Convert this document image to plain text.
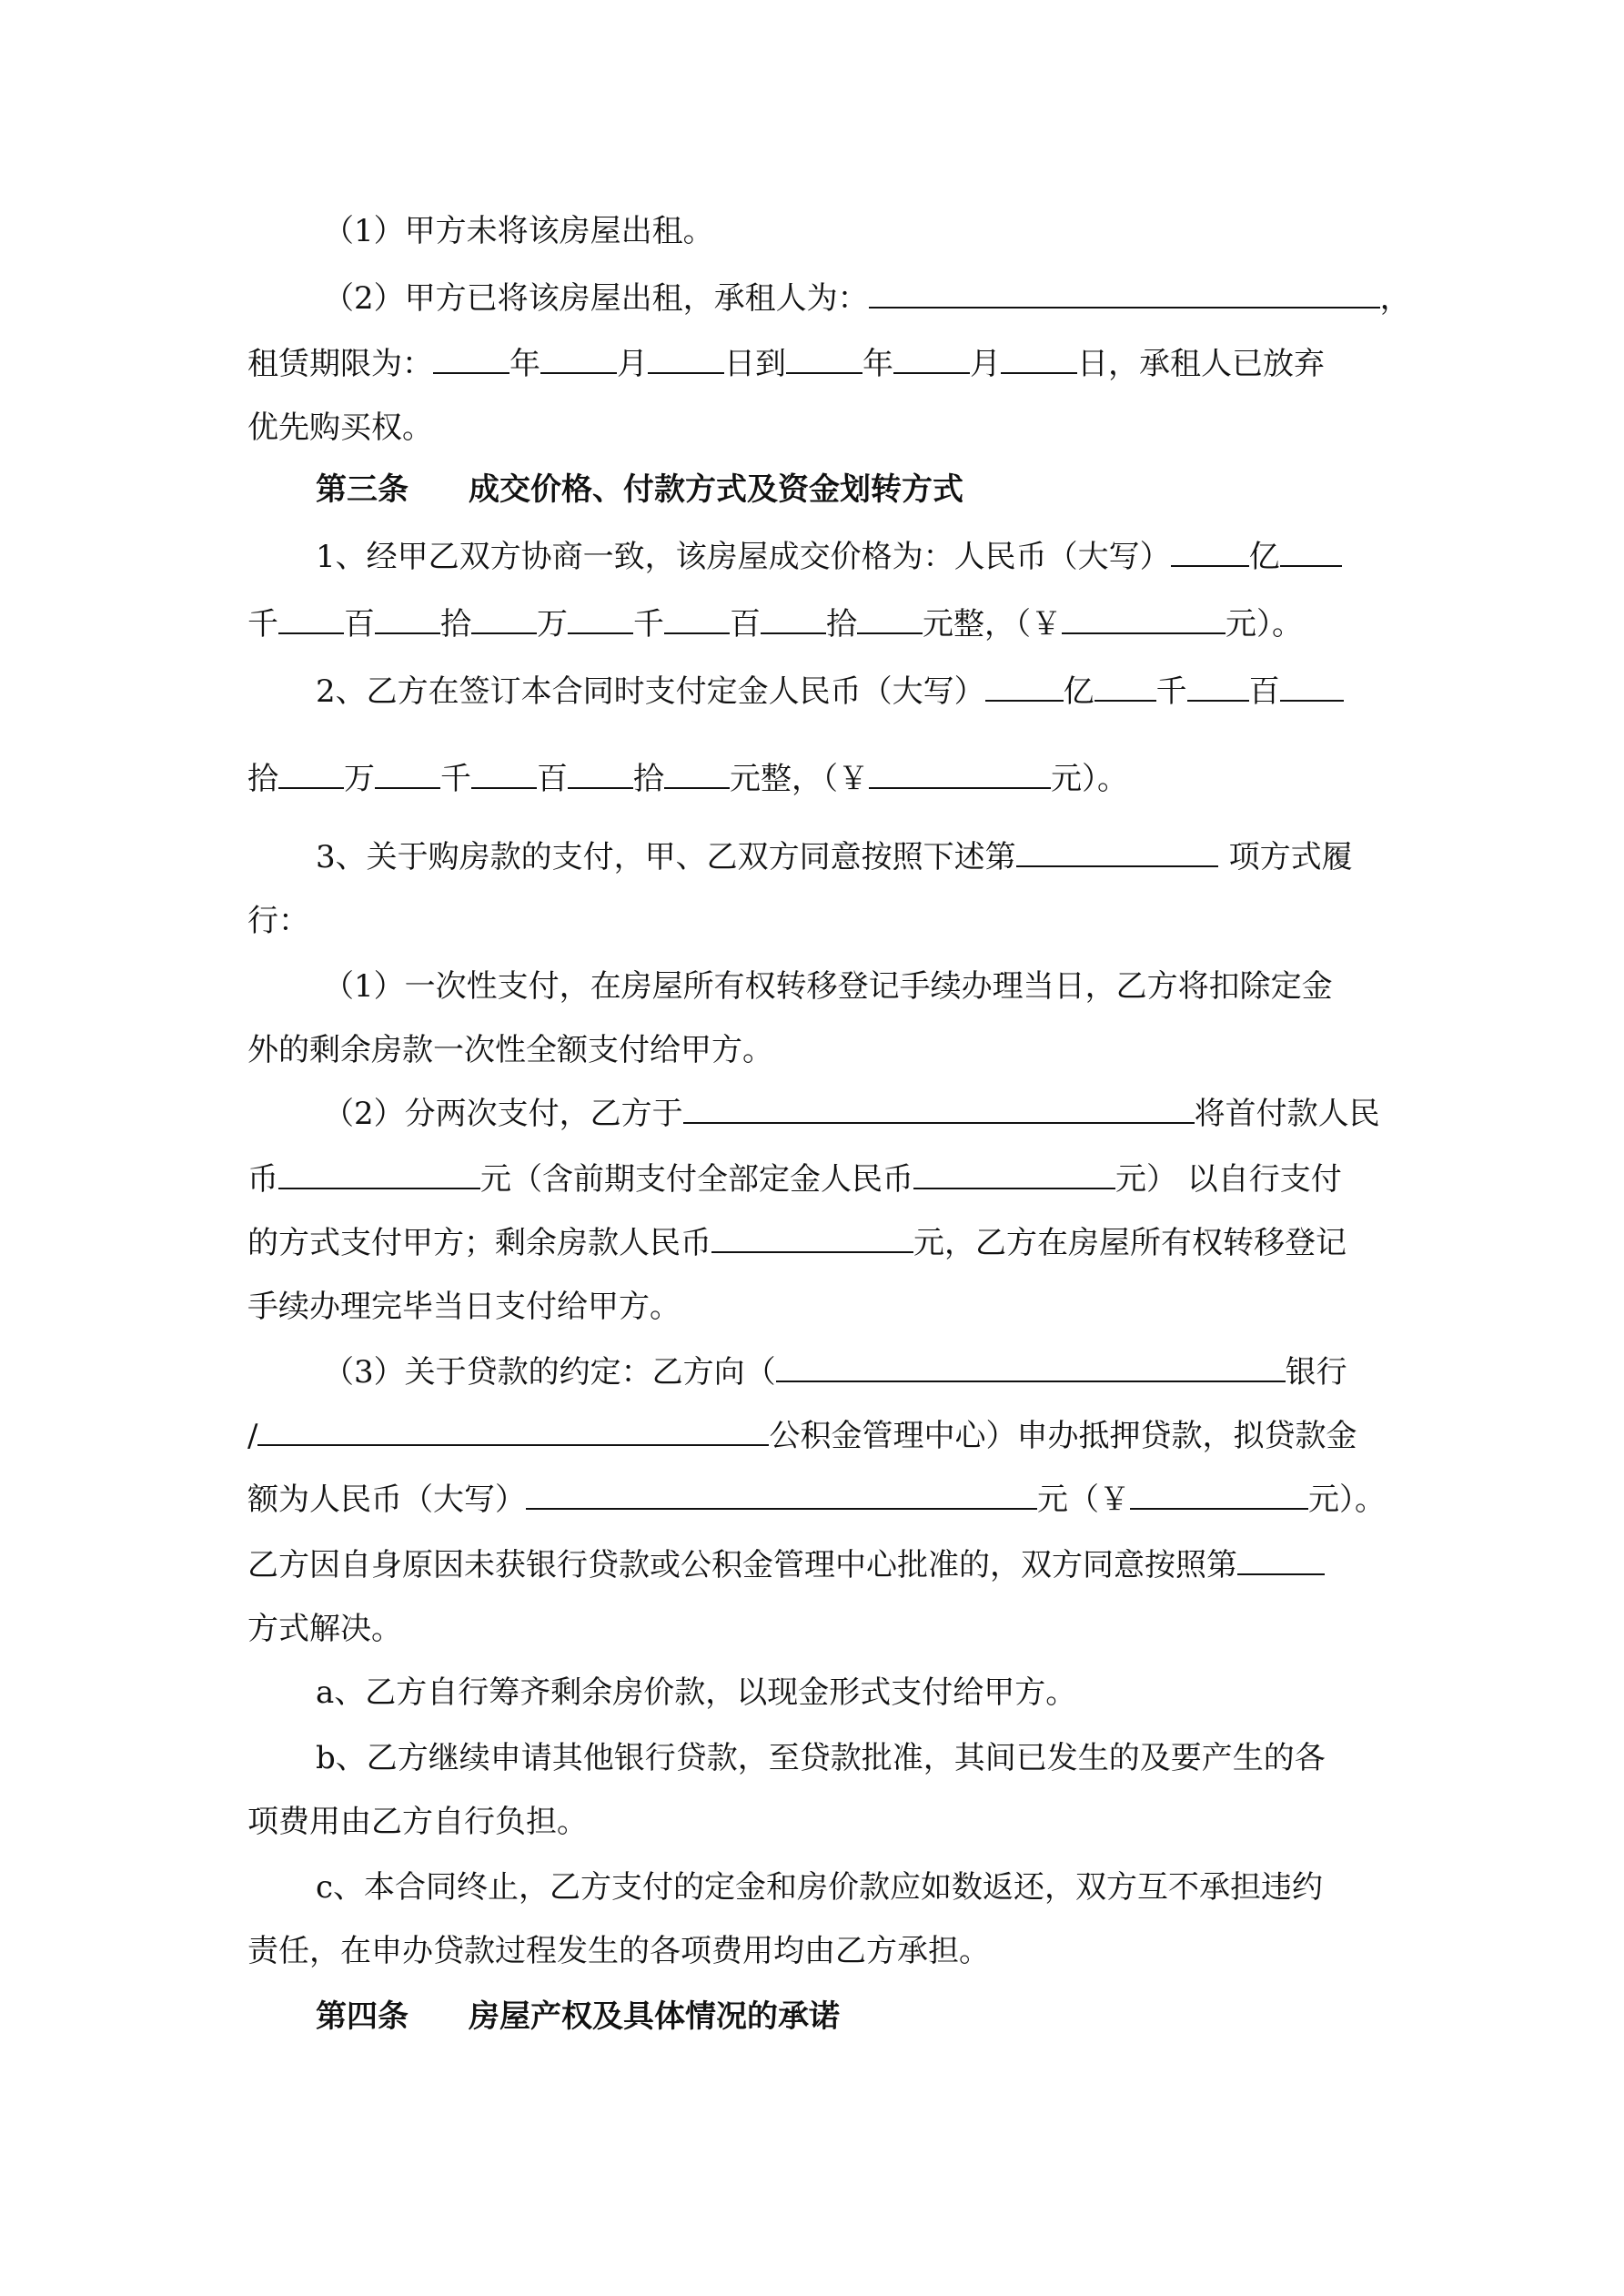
（1）甲方未将该房屋出租。
（2）甲方已将该房屋出租，承租人为：	，
租赁期限为： 年 月 日到 年 月 日，承租人已放弃
优先购买权。
第三条 成交价格、付款方式及资金划转方式
1、经甲乙双方协商一致，该房屋成交价格为：人民币（大写）	亿
千 百 拾 万 千 百 拾 元整，（￥	元）。
2、乙方在签订本合同时支付定金人民币（大写）	亿 千 百
拾 万 千 百 拾 元整，（￥	元）。
3、关于购房款的支付，甲、乙双方同意按照下述第	项方式履
行：
（1）一次性支付，在房屋所有权转移登记手续办理当日，乙方将扣除定金
外的剩余房款一次性全额支付给甲方。
（2）分两次支付，乙方于	将首付款人民
币	元（含前期支付全部定金人民币	元） 以自行支付
的方式支付甲方；剩余房款人民币	元，乙方在房屋所有权转移登记
手续办理完毕当日支付给甲方。
（3）关于贷款的约定：乙方向（	银行
/	公积金管理中心）申办抵押贷款，拟贷款金
额为人民币（大写）	元（￥	元）。
乙方因自身原因未获银行贷款或公积金管理中心批准的，双方同意按照第
方式解决。
a、乙方自行筹齐剩余房价款，以现金形式支付给甲方。
b、乙方继续申请其他银行贷款，至贷款批准，其间已发生的及要产生的各
项费用由乙方自行负担。
c、本合同终止，乙方支付的定金和房价款应如数返还，双方互不承担违约
责任，在申办贷款过程发生的各项费用均由乙方承担。
第四条 房屋产权及具体情况的承诺
